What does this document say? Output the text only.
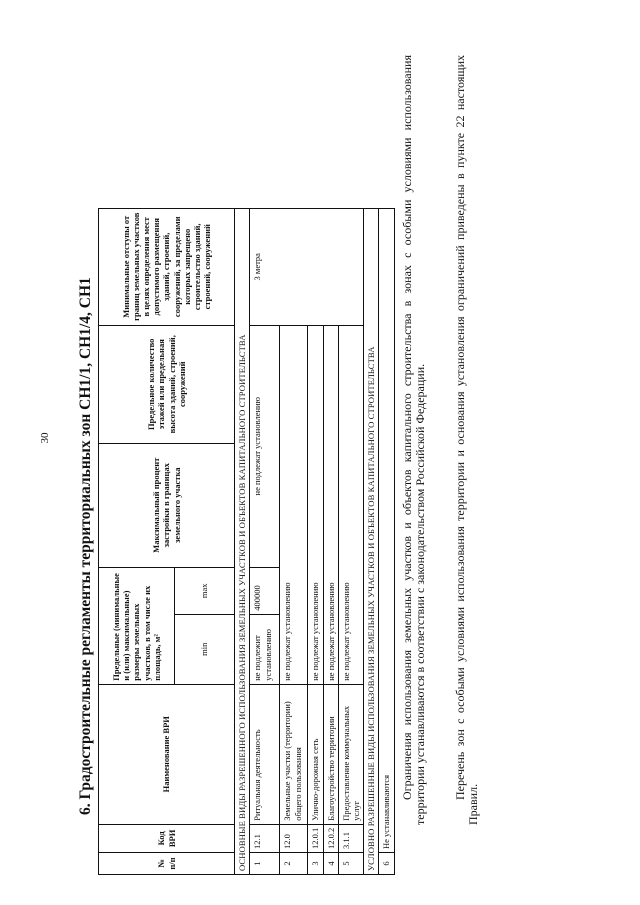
30 6. Градостроительные регламенты территориальных зон СН1/1, СН1/4, СН1
№ п/п	Код ВРИ	Наименование ВРИ	Предельные (минимальные и (или) максимальные) размеры земельных участков, в том числе их площадь, м²		Максимальный процент застройки в границах земельного участка	Предельное количество этажей или предельная высота зданий, строений, сооружений	Минимальные отступы от границ земельных участков в целях определения мест допустимого размещения зданий, строений, сооружений, за пределами которых запрещено строительство зданий, строений, сооружений
			min	max			
ОСНОВНЫЕ ВИДЫ РАЗРЕШЕННОГО ИСПОЛЬЗОВАНИЯ ЗЕМЕЛЬНЫХ УЧАСТКОВ И ОБЪЕКТОВ КАПИТАЛЬНОГО СТРОИТЕЛЬСТВА							
1	12.1	Ритуальная деятельность	не подлежит установлению	400000	не подлежат установлению		3 метра
2	12.0	Земельные участки (территории) общего пользования	не подлежат установлению				
3	12.0.1	Улично-дорожная сеть	не подлежат установлению				
4	12.0.2	Благоустройство территории	не подлежат установлению				
5	3.1.1	Предоставление коммунальных услуг	не подлежат установлению				
УСЛОВНО РАЗРЕШЕННЫЕ ВИДЫ ИСПОЛЬЗОВАНИЯ ЗЕМЕЛЬНЫХ УЧАСТКОВ И ОБЪЕКТОВ КАПИТАЛЬНОГО СТРОИТЕЛЬСТВА							
6	Не устанавливаются						
Ограничения использования земельных участков и объектов капитального строительства в зонах с особыми условиями использования территории устанавливаются в соответствии с законодательством Российской Федерации. Перечень зон с особыми условиями использования территории и основания установления ограничений приведены в пункте 22 настоящих Правил.
